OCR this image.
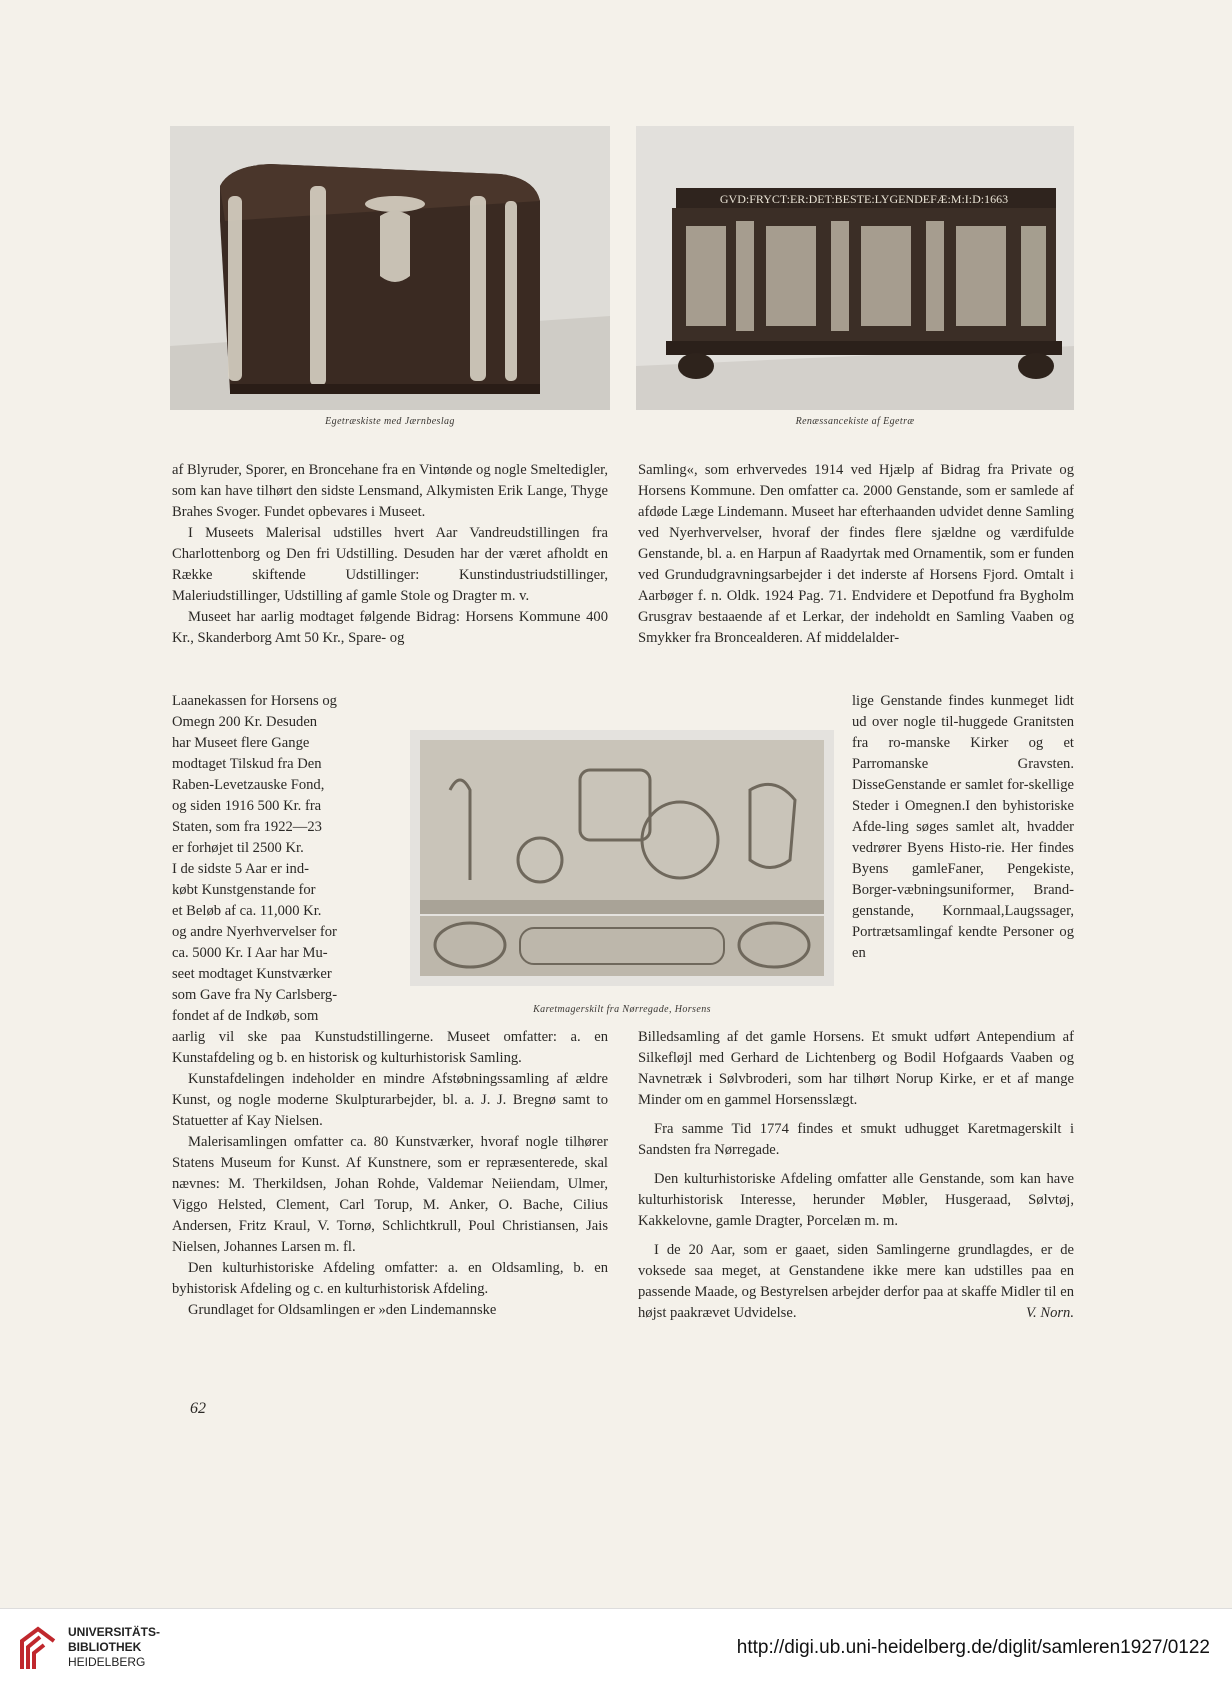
Egetræskiste med Jærnbeslag
GVD:FRYCT:ER:DET:BESTE:LYGENDEFÆ:M:I:D:1663
Renæssancekiste af Egetræ

af Blyruder, Sporer, en Broncehane fra en Vintønde og nogle Smeltedigler, som kan have tilhørt den sidste Lensmand, Alkymisten Erik Lange, Thyge Brahes Svoger. Fundet opbevares i Museet.

I Museets Malerisal udstilles hvert Aar Vandreudstillingen fra Charlottenborg og Den fri Udstilling. Desuden har der været afholdt en Række skiftende Udstillinger: Kunstindustriudstillinger, Maleriudstillinger, Udstilling af gamle Stole og Dragter m. v.

Museet har aarlig modtaget følgende Bidrag: Horsens Kommune 400 Kr., Skanderborg Amt 50 Kr., Spare- og

Laanekassen for Horsens og
Omegn 200 Kr. Desuden
har Museet flere Gange
modtaget Tilskud fra Den
Raben-Levetzauske Fond,
og siden 1916 500 Kr. fra
Staten, som fra 1922—23
er forhøjet til 2500 Kr.
I de sidste 5 Aar er ind-
købt Kunstgenstande for
et Beløb af ca. 11,000 Kr.
og andre Nyerhvervelser for
ca. 5000 Kr. I Aar har Mu-
seet modtaget Kunstværker
som Gave fra Ny Carlsberg-
fondet af de Indkøb, som

aarlig vil ske paa Kunstudstillingerne. Museet omfatter: a. en Kunstafdeling og b. en historisk og kulturhistorisk Samling.

Kunstafdelingen indeholder en mindre Afstøbningssamling af ældre Kunst, og nogle moderne Skulpturarbejder, bl. a. J. J. Bregnø samt to Statuetter af Kay Nielsen.

Malerisamlingen omfatter ca. 80 Kunstværker, hvoraf nogle tilhører Statens Museum for Kunst. Af Kunstnere, som er repræsenterede, skal nævnes: M. Therkildsen, Johan Rohde, Valdemar Neiiendam, Ulmer, Viggo Helsted, Clement, Carl Torup, M. Anker, O. Bache, Cilius Andersen, Fritz Kraul, V. Tornø, Schlichtkrull, Poul Christiansen, Jais Nielsen, Johannes Larsen m. fl.

Den kulturhistoriske Afdeling omfatter: a. en Oldsamling, b. en byhistorisk Afdeling og c. en kulturhistorisk Afdeling.

Grundlaget for Oldsamlingen er »den Lindemannske

Samling«, som erhvervedes 1914 ved Hjælp af Bidrag fra Private og Horsens Kommune. Den omfatter ca. 2000 Genstande, som er samlede af afdøde Læge Lindemann. Museet har efterhaanden udvidet denne Samling ved Nyerhvervelser, hvoraf der findes flere sjældne og værdifulde Genstande, bl. a. en Harpun af Raadyrtak med Ornamentik, som er funden ved Grundudgravningsarbejder i det inderste af Horsens Fjord. Omtalt i Aarbøger f. n. Oldk. 1924 Pag. 71. Endvidere et Depotfund fra Bygholm Grusgrav bestaaende af et Lerkar, der indeholdt en Samling Vaaben og Smykker fra Broncealderen. Af middelalder-

lige Genstande findes kunmeget lidt ud over nogle til-huggede Granitsten fra ro-manske Kirker og et Parromanske Gravsten. DisseGenstande er samlet for-skellige Steder i Omegnen.I den byhistoriske Afde-ling søges samlet alt, hvadder vedrører Byens Histo-rie. Her findes Byens gamleFaner, Pengekiste, Borger-væbningsuniformer, Brand-genstande, Kornmaal,Laugssager, Portrætsamlingaf kendte Personer og en

Billedsamling af det gamle Horsens. Et smukt udført Antependium af Silkefløjl med Gerhard de Lichtenberg og Bodil Hofgaards Vaaben og Navnetræk i Sølvbroderi, som har tilhørt Norup Kirke, er et af mange Minder om en gammel Horsensslægt.

Fra samme Tid 1774 findes et smukt udhugget Karetmagerskilt i Sandsten fra Nørregade.

Den kulturhistoriske Afdeling omfatter alle Genstande, som kan have kulturhistorisk Interesse, herunder Møbler, Husgeraad, Sølvtøj, Kakkelovne, gamle Dragter, Porcelæn m. m.

I de 20 Aar, som er gaaet, siden Samlingerne grundlagdes, er de voksede saa meget, at Genstandene ikke mere kan udstilles paa en passende Maade, og Bestyrelsen arbejder derfor paa at skaffe Midler til en højst paakrævet Udvidelse.	V. Norn.

Karetmagerskilt fra Nørregade, Horsens
62
UNIVERSITÄTS-
BIBLIOTHEK
HEIDELBERG
http://digi.ub.uni-heidelberg.de/diglit/samleren1927/0122
